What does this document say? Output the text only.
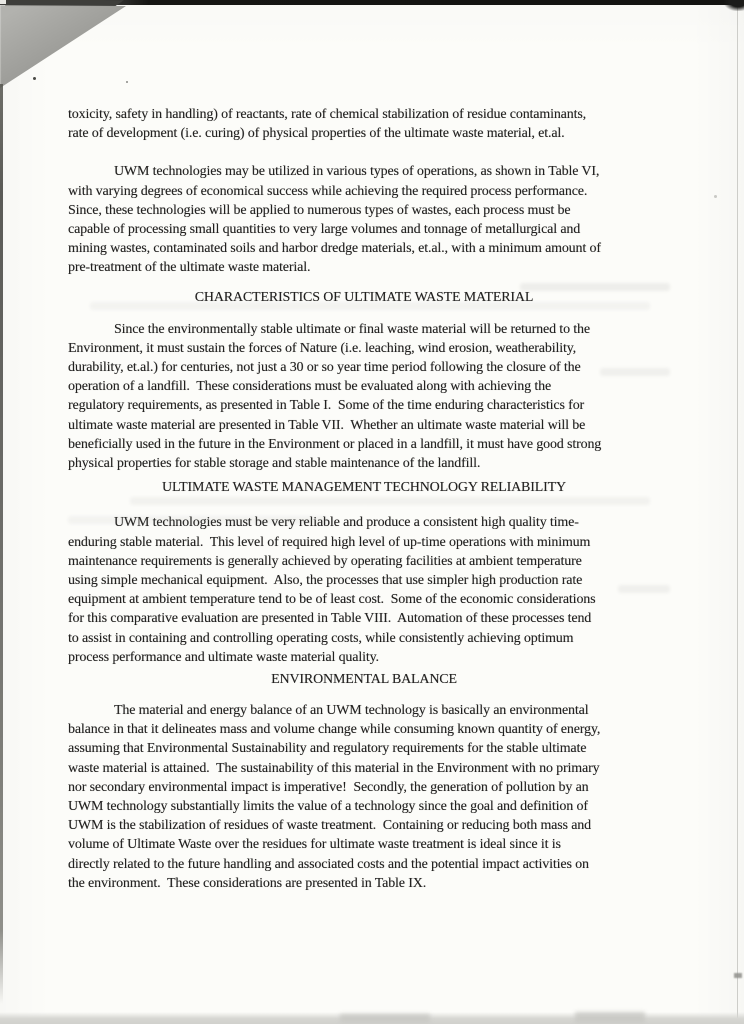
toxicity, safety in handling) of reactants, rate of chemical stabilization of residue contaminants,
rate of development (i.e. curing) of physical properties of the ultimate waste material, et.al.
UWM technologies may be utilized in various types of operations, as shown in Table VI,
with varying degrees of economical success while achieving the required process performance.
Since, these technologies will be applied to numerous types of wastes, each process must be
capable of processing small quantities to very large volumes and tonnage of metallurgical and
mining wastes, contaminated soils and harbor dredge materials, et.al., with a minimum amount of
pre-treatment of the ultimate waste material.
CHARACTERISTICS OF ULTIMATE WASTE MATERIAL
Since the environmentally stable ultimate or final waste material will be returned to the
Environment, it must sustain the forces of Nature (i.e. leaching, wind erosion, weatherability,
durability, et.al.) for centuries, not just a 30 or so year time period following the closure of the
operation of a landfill.  These considerations must be evaluated along with achieving the
regulatory requirements, as presented in Table I.  Some of the time enduring characteristics for
ultimate waste material are presented in Table VII.  Whether an ultimate waste material will be
beneficially used in the future in the Environment or placed in a landfill, it must have good strong
physical properties for stable storage and stable maintenance of the landfill.
ULTIMATE WASTE MANAGEMENT TECHNOLOGY RELIABILITY
UWM technologies must be very reliable and produce a consistent high quality time-
enduring stable material.  This level of required high level of up-time operations with minimum
maintenance requirements is generally achieved by operating facilities at ambient temperature
using simple mechanical equipment.  Also, the processes that use simpler high production rate
equipment at ambient temperature tend to be of least cost.  Some of the economic considerations
for this comparative evaluation are presented in Table VIII.  Automation of these processes tend
to assist in containing and controlling operating costs, while consistently achieving optimum
process performance and ultimate waste material quality.
ENVIRONMENTAL BALANCE
The material and energy balance of an UWM technology is basically an environmental
balance in that it delineates mass and volume change while consuming known quantity of energy,
assuming that Environmental Sustainability and regulatory requirements for the stable ultimate
waste material is attained.  The sustainability of this material in the Environment with no primary
nor secondary environmental impact is imperative!  Secondly, the generation of pollution by an
UWM technology substantially limits the value of a technology since the goal and definition of
UWM is the stabilization of residues of waste treatment.  Containing or reducing both mass and
volume of Ultimate Waste over the residues for ultimate waste treatment is ideal since it is
directly related to the future handling and associated costs and the potential impact activities on
the environment.  These considerations are presented in Table IX.
